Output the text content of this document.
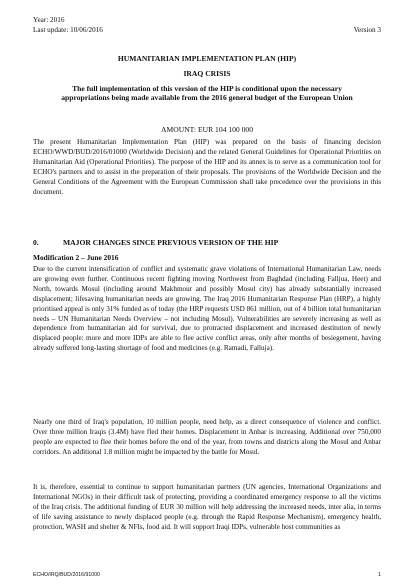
Year: 2016
Last update: 10/06/2016	Version 3
HUMANITARIAN IMPLEMENTATION PLAN (HIP)
IRAQ CRISIS
The full implementation of this version of the HIP is conditional upon the necessary appropriations being made available from the 2016 general budget of the European Union
AMOUNT: EUR 104 100 000

The present Humanitarian Implementation Plan (HIP) was prepared on the basis of financing decision ECHO/WWD/BUD/2016/01000 (Worldwide Decision) and the related General Guidelines for Operational Priorities on Humanitarian Aid (Operational Priorities). The purpose of the HIP and its annex is to serve as a communication tool for ECHO's partners and to assist in the preparation of their proposals. The provisions of the Worldwide Decision and the General Conditions of the Agreement with the European Commission shall take precedence over the provisions in this document.

0.	MAJOR CHANGES SINCE PREVIOUS VERSION OF THE HIP
Modification 2 – June 2016

Due to the current intensification of conflict and systematic grave violations of International Humanitarian Law, needs are growing even further. Continuous recent fighting moving Northwest from Baghdad (including Falljua, Heet) and North, towards Mosul (including around Makhmour and possibly Mosul city) has already substantially increased displacement; lifesaving humanitarian needs are growing. The Iraq 2016 Humanitarian Response Plan (HRP), a highly prioritised appeal is only 31% funded as of today (the HRP requests USD 861 million, out of 4 billion total humanitarian needs – UN Humanitarian Needs Overview – not including Mosul). Vulnerabilities are severely increasing as well as dependence from humanitarian aid for survival, due to protracted displacement and increased destitution of newly displaced people: more and more IDPs are able to flee active conflict areas, only after months of besiegement, having already suffered long-lasting shortage of food and medicines (e.g. Ramadi, Falluja).

Nearly one third of Iraq's population, 10 million people, need help, as a direct consequence of violence and conflict. Over three million Iraqis (3.4M) have fled their homes. Displacement in Anbar is increasing. Additional over 750,000 people are expected to flee their homes before the end of the year, from towns and districts along the Mosul and Anbar corridors. An additional 1.8 million might be impacted by the battle for Mosul.

It is, therefore, essential to continue to support humanitarian partners (UN agencies, International Organizations and International NGOs) in their difficult task of protecting, providing a coordinated emergency response to all the victims of the Iraq crisis. The additional funding of EUR 30 million will help addressing the increased needs, inter alia, in terms of life saving assistance to newly displaced people (e.g. through the Rapid Response Mechanism), emergency health, protection, WASH and shelter & NFIs, food aid. It will support Iraqi IDPs, vulnerable host communities as

ECHO/IRQ/BUD/2016/91000	1
